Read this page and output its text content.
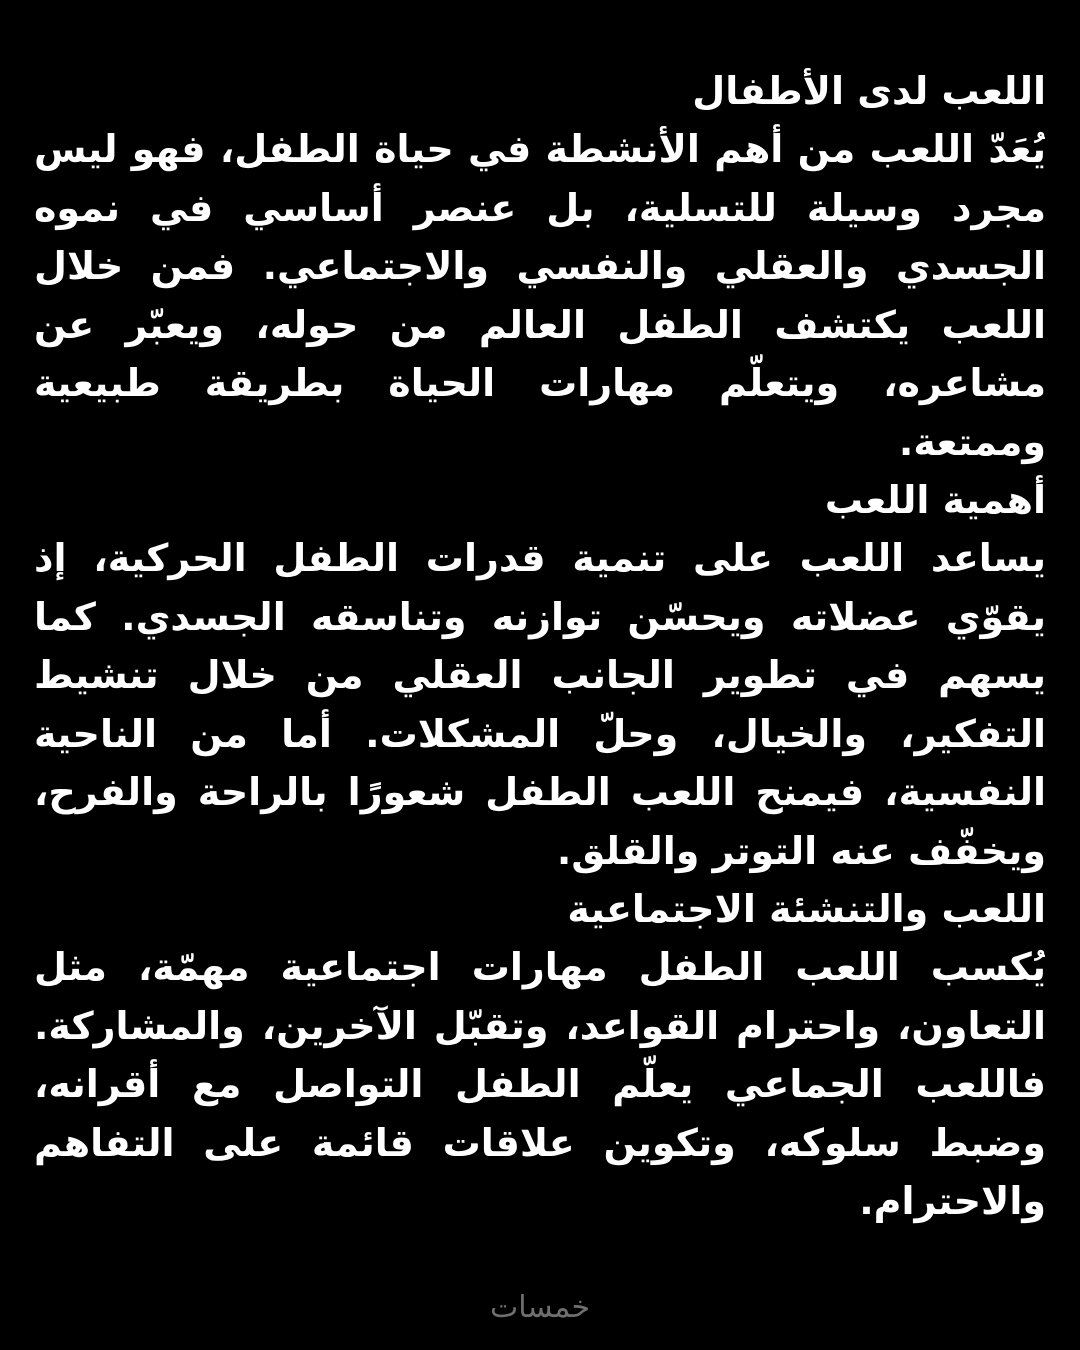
اللعب لدى الأطفال

يُعَدّ اللعب من أهم الأنشطة في حياة الطفل، فهو ليس مجرد وسيلة للتسلية، بل عنصر أساسي في نموه الجسدي والعقلي والنفسي والاجتماعي. فمن خلال اللعب يكتشف الطفل العالم من حوله، ويعبّر عن مشاعره، ويتعلّم مهارات الحياة بطريقة طبيعية وممتعة.

أهمية اللعب

يساعد اللعب على تنمية قدرات الطفل الحركية، إذ يقوّي عضلاته ويحسّن توازنه وتناسقه الجسدي. كما يسهم في تطوير الجانب العقلي من خلال تنشيط التفكير، والخيال، وحلّ المشكلات. أما من الناحية النفسية، فيمنح اللعب الطفل شعورًا بالراحة والفرح، ويخفّف عنه التوتر والقلق.

اللعب والتنشئة الاجتماعية

يُكسب اللعب الطفل مهارات اجتماعية مهمّة، مثل التعاون، واحترام القواعد، وتقبّل الآخرين، والمشاركة. فاللعب الجماعي يعلّم الطفل التواصل مع أقرانه، وضبط سلوكه، وتكوين علاقات قائمة على التفاهم والاحترام.

خمسات
